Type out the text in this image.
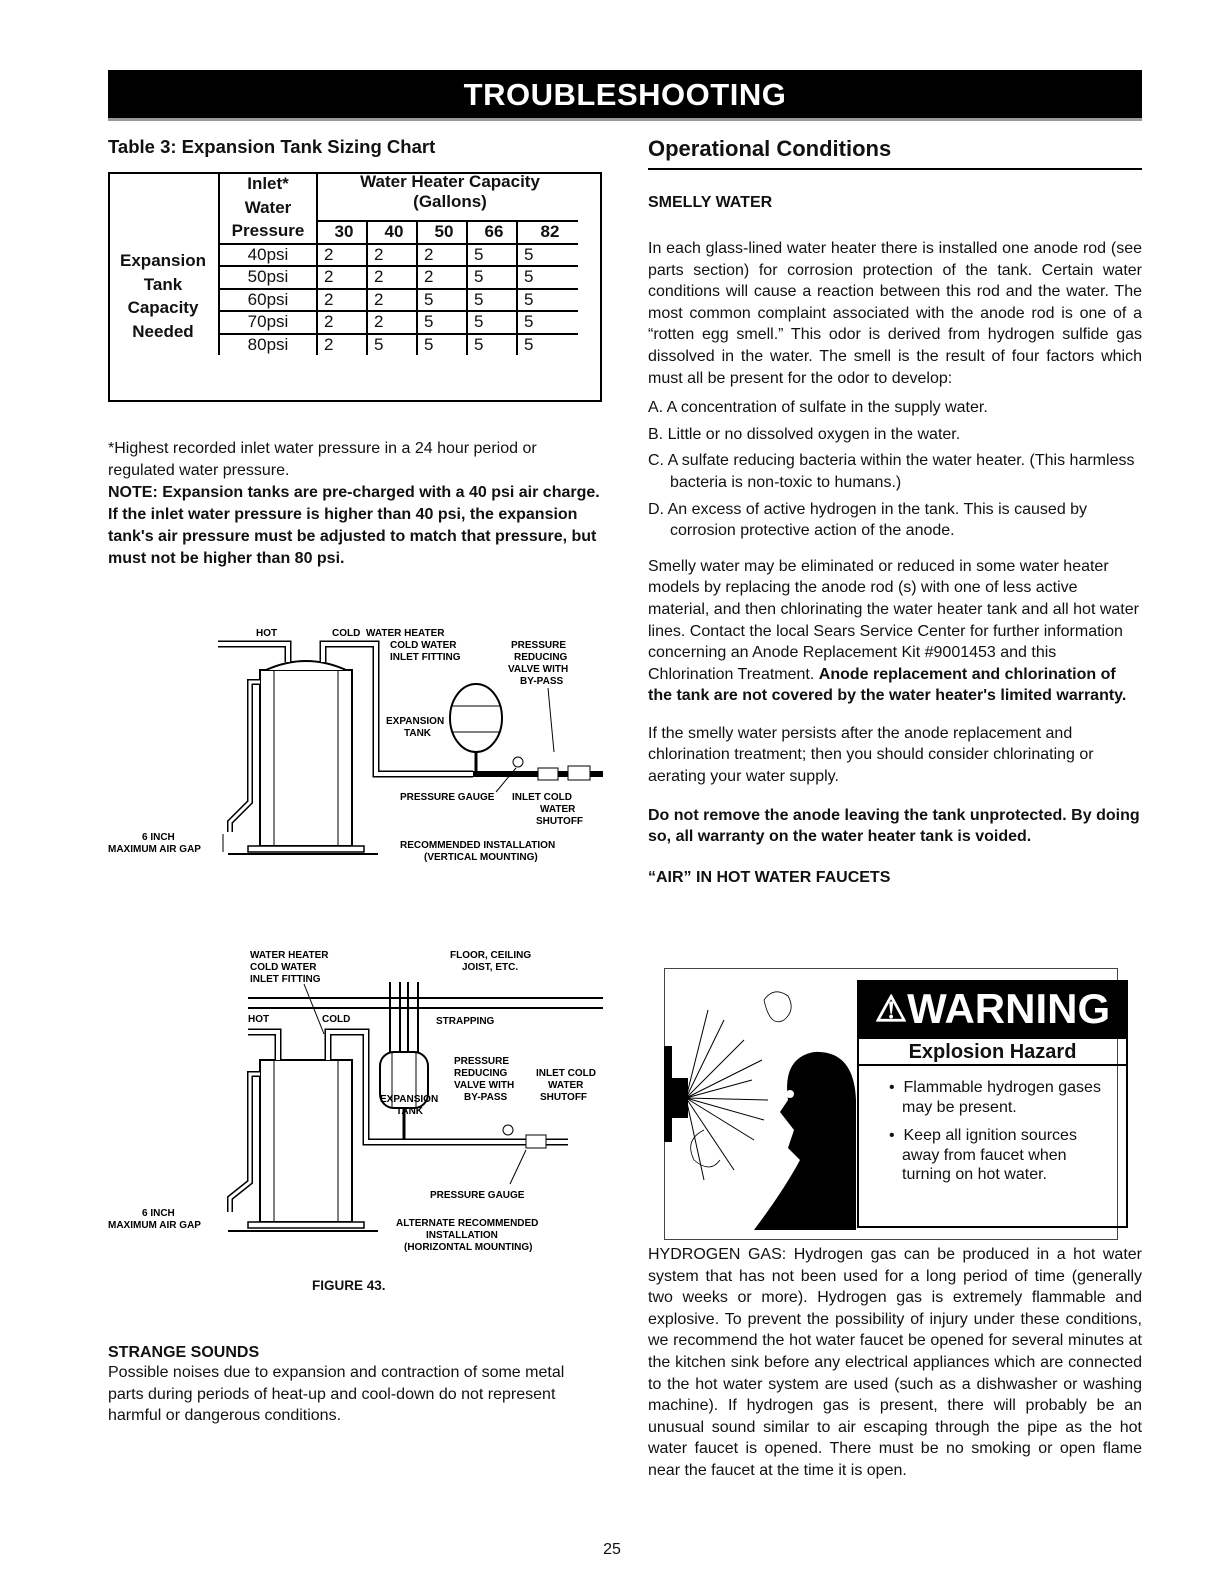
TROUBLESHOOTING

Table 3: Expansion Tank Sizing Chart

Expansion
Tank
Capacity
Needed
Inlet*
Water
Pressure	Water Heater Capacity (Gallons)				

	30	40	50	66	82
40psi	2	2	2	5	5
50psi	2	2	2	5	5
60psi	2	2	5	5	5
70psi	2	2	5	5	5
80psi	2	5	5	5	5

*Highest recorded inlet water pressure in a 24 hour period or regulated water pressure.

NOTE: Expansion tanks are pre-charged with a 40 psi air charge. If the inlet water pressure is higher than 40 psi, the expansion tank's air pressure must be adjusted to match that pressure, but must not be higher than 80 psi.

HOT	COLD WATER HEATER
COLD WATER
INLET FITTING
PRESSURE
REDUCING
VALVE WITH
BY-PASS
EXPANSION
TANK
PRESSURE GAUGE INLET COLD
WATER
SHUTOFF
6 INCH
MAXIMUM AIR GAP	RECOMMENDED INSTALLATION
(VERTICAL MOUNTING)
WATER HEATER
COLD WATER
INLET FITTING
FLOOR, CEILING
JOIST, ETC.
HOT	COLD	STRAPPING
PRESSURE
REDUCING
VALVE WITH
BY-PASS
INLET COLD
WATER
SHUTOFF
EXPANSION
TANK
PRESSURE GAUGE
6 INCH
MAXIMUM AIR GAP	ALTERNATE RECOMMENDED
INSTALLATION
(HORIZONTAL MOUNTING)
FIGURE 43.
STRANGE SOUNDS

Possible noises due to expansion and contraction of some metal parts during periods of heat-up and cool-down do not represent harmful or dangerous conditions.

Operational Conditions
SMELLY WATER

In each glass-lined water heater there is installed one anode rod (see parts section) for corrosion protection of the tank. Certain water conditions will cause a reaction between this rod and the water. The most common complaint associated with the anode rod is one of a “rotten egg smell.” This odor is derived from hydrogen sulfide gas dissolved in the water. The smell is the result of four factors which must all be present for the odor to develop:

A. A concentration of sulfate in the supply water.

B. Little or no dissolved oxygen in the water.

C. A sulfate reducing bacteria within the water heater. (This harmless bacteria is non-toxic to humans.)

D. An excess of active hydrogen in the tank. This is caused by corrosion protective action of the anode.

Smelly water may be eliminated or reduced in some water heater models by replacing the anode rod (s) with one of less active material, and then chlorinating the water heater tank and all hot water lines. Contact the local Sears Service Center for further information concerning an Anode Replacement Kit #9001453 and this Chlorination Treatment. Anode replacement and chlorination of the tank are not covered by the water heater's limited warranty.

If the smelly water persists after the anode replacement and chlorination treatment; then you should consider chlorinating or aerating your water supply.

Do not remove the anode leaving the tank unprotected. By doing so, all warranty on the water heater tank is voided.

“AIR” IN HOT WATER FAUCETS
⚠WARNING
Explosion Hazard
•  Flammable hydrogen gases may be present.
•  Keep all ignition sources away from faucet when turning on hot water.

HYDROGEN GAS: Hydrogen gas can be produced in a hot water system that has not been used for a long period of time (generally two weeks or more). Hydrogen gas is extremely flammable and explosive. To prevent the possibility of injury under these conditions, we recommend the hot water faucet be opened for several minutes at the kitchen sink before any electrical appliances which are connected to the hot water system are used (such as a dishwasher or washing machine). If hydrogen gas is present, there will probably be an unusual sound similar to air escaping through the pipe as the hot water faucet is opened. There must be no smoking or open flame near the faucet at the time it is open.

25
